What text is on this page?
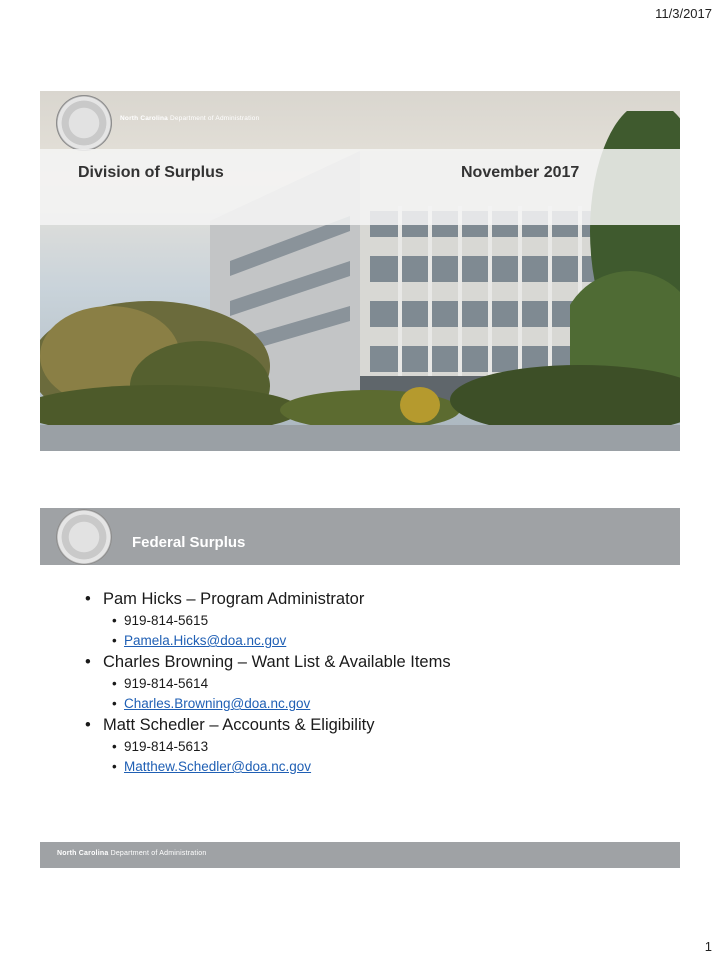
11/3/2017
North Carolina Department of Administration
Division of Surplus	November 2017
Federal Surplus
• Pam Hicks – Program Administrator
• 919-814-5615
• Pamela.Hicks@doa.nc.gov
• Charles Browning – Want List & Available Items
• 919-814-5614
• Charles.Browning@doa.nc.gov
• Matt Schedler – Accounts & Eligibility
• 919-814-5613
• Matthew.Schedler@doa.nc.gov
North Carolina Department of Administration
1
